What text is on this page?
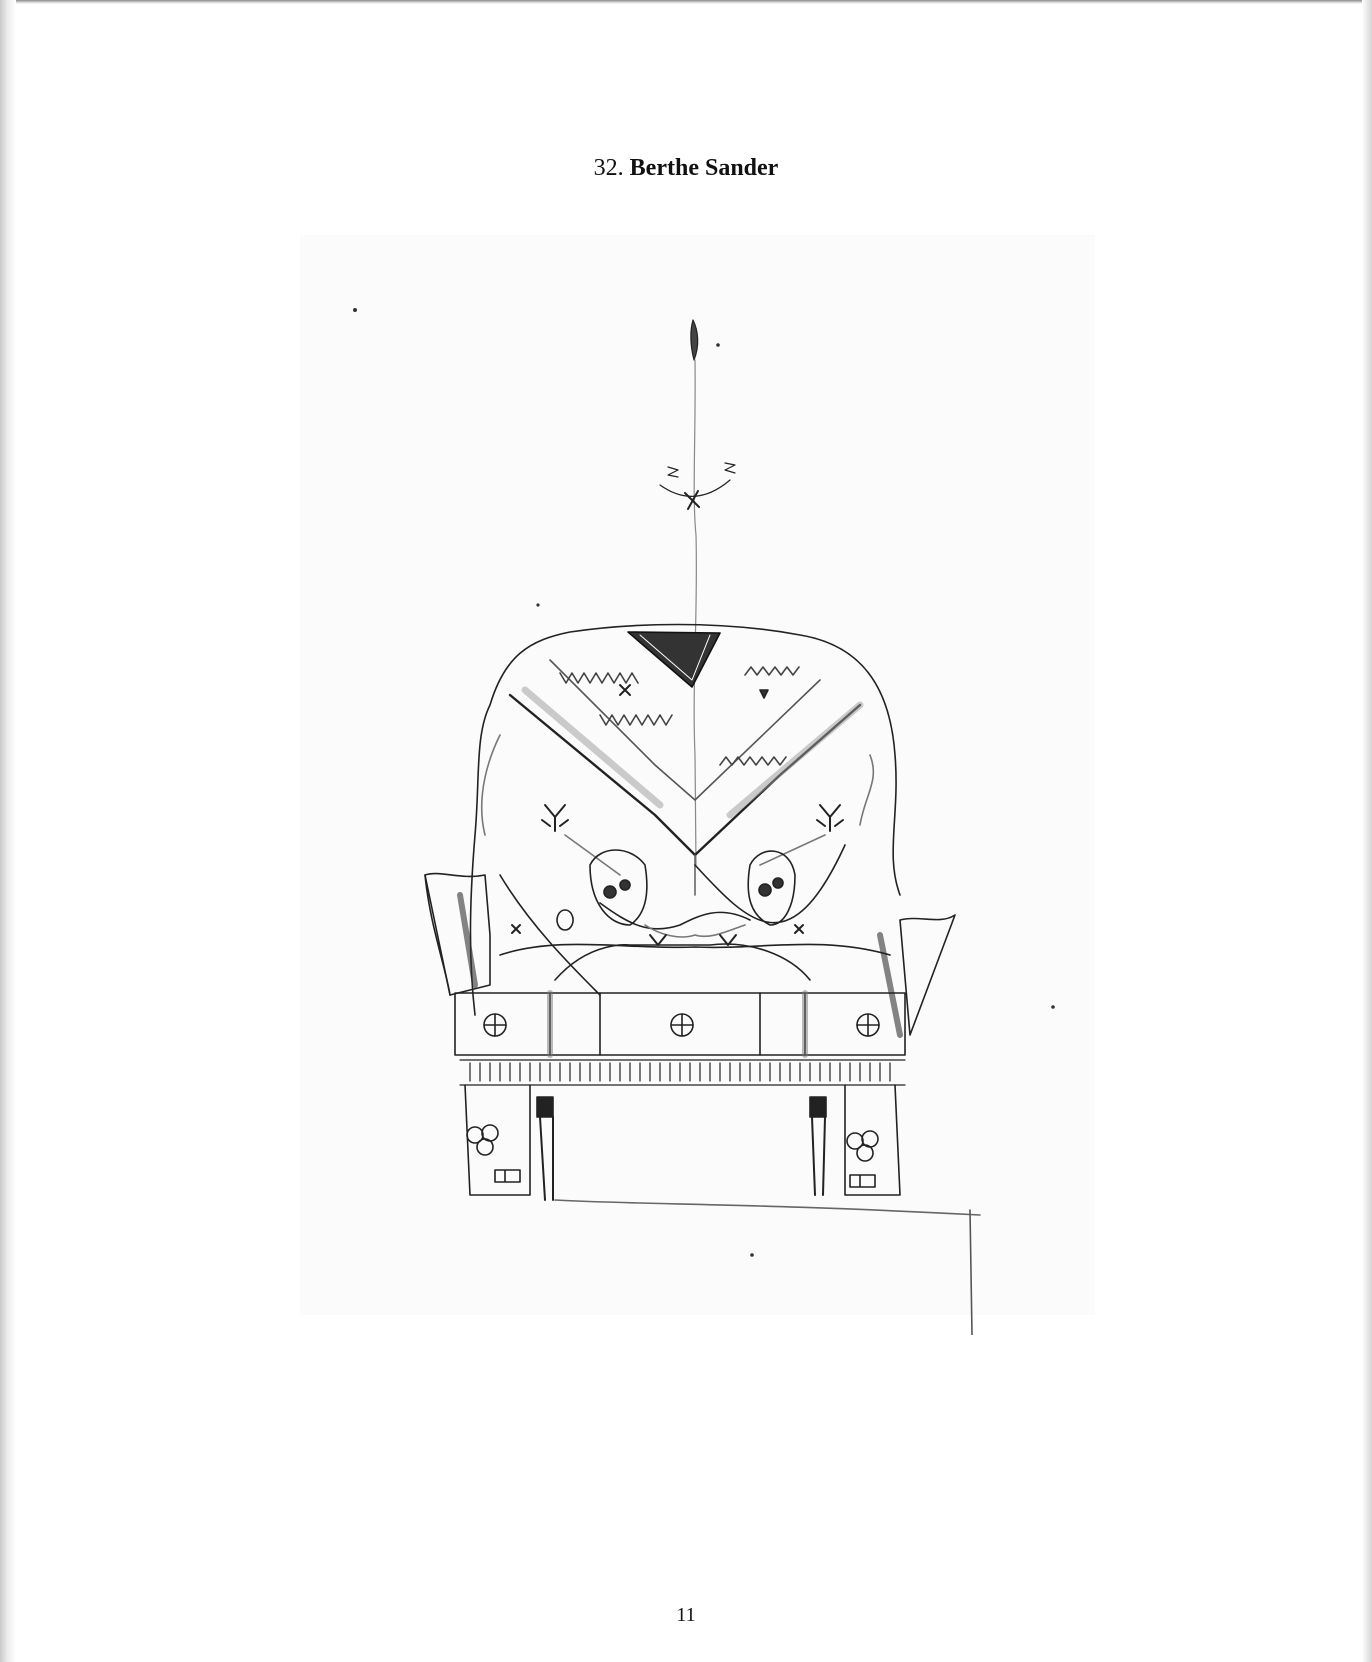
32. Berthe Sander
11
